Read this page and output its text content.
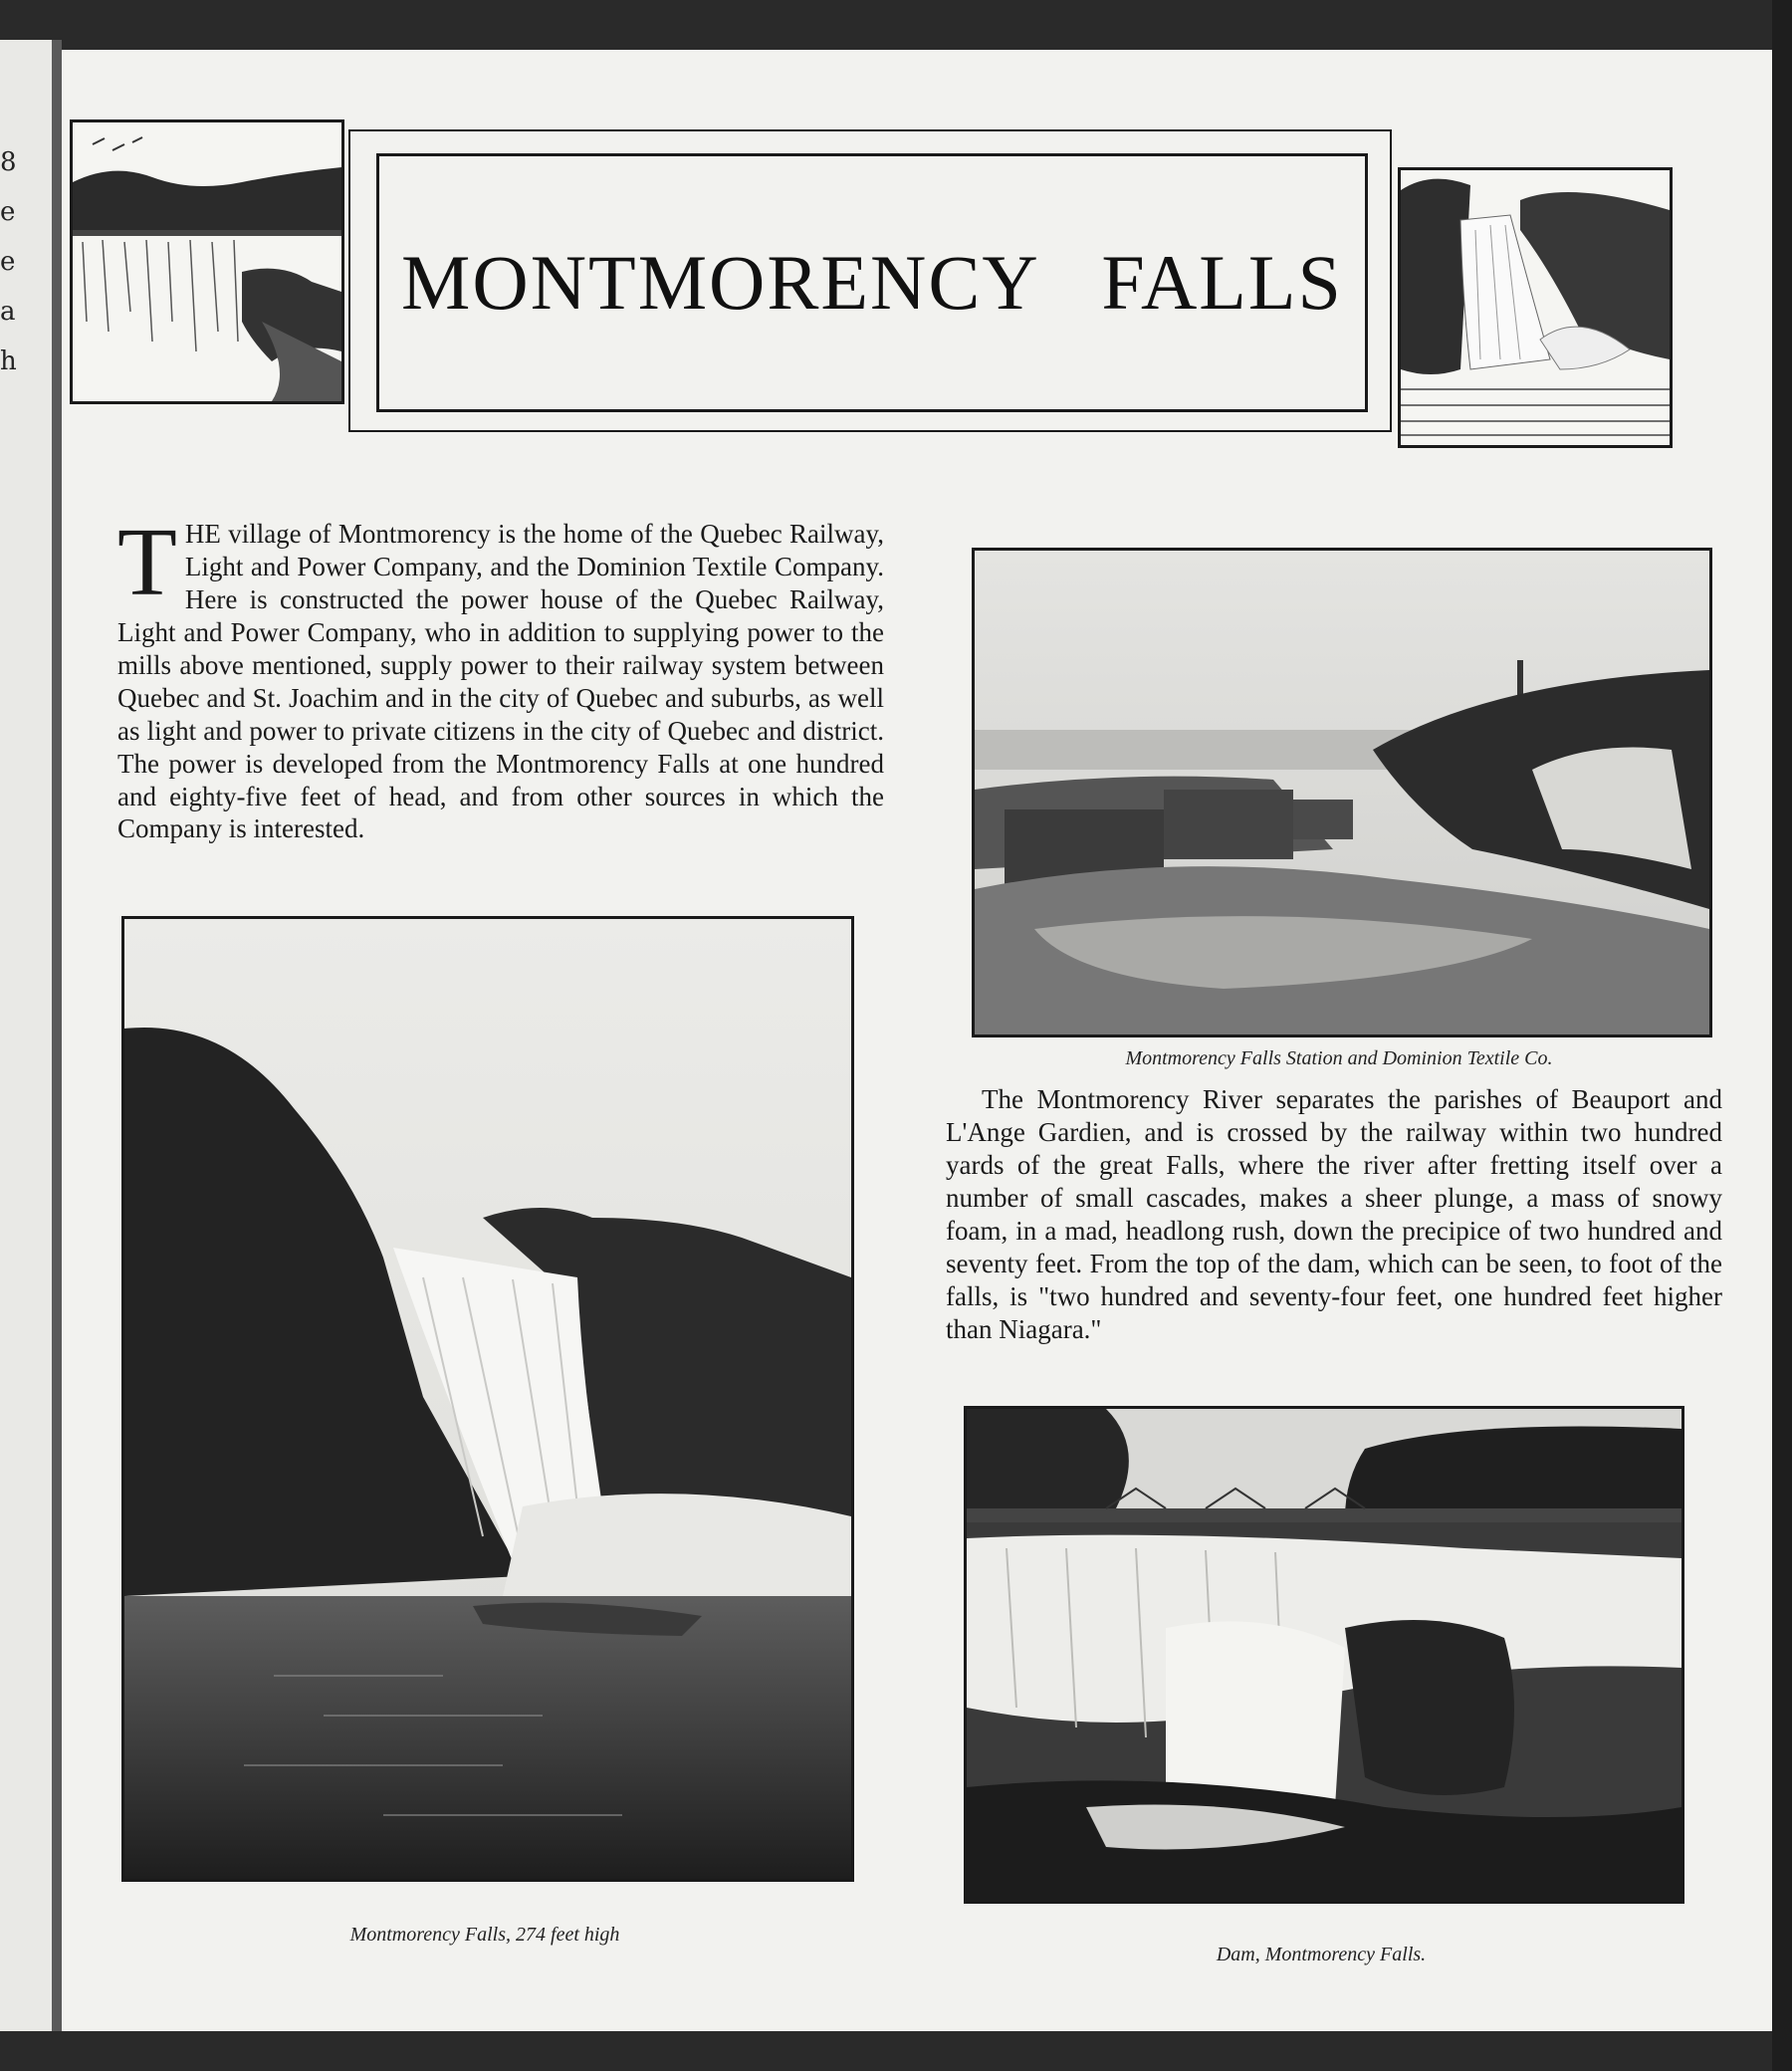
8
e
e
a
h
MONTMORENCY   FALLS
T HE village of Montmorency is the home of the Quebec Railway, Light and Power Company, and the Dominion Textile Company. Here is constructed the power house of the Quebec Railway, Light and Power Company, who in addition to supplying power to the mills above mentioned, supply power to their railway system between Quebec and St. Joachim and in the city of Quebec and suburbs, as well as light and power to private citizens in the city of Quebec and district. The power is developed from the Montmorency Falls at one hundred and eighty-five feet of head, and from other sources in which the Company is interested.
Montmorency Falls Station and Dominion Textile Co.

The Montmorency River separates the parishes of Beauport and L'Ange Gardien, and is crossed by the railway within two hundred yards of the great Falls, where the river after fretting itself over a number of small cascades, makes a sheer plunge, a mass of snowy foam, in a mad, headlong rush, down the precipice of two hundred and seventy feet. From the top of the dam, which can be seen, to foot of the falls, is "two hundred and seventy-four feet, one hundred feet higher than Niagara."

Montmorency Falls, 274 feet high
Dam, Montmorency Falls.
